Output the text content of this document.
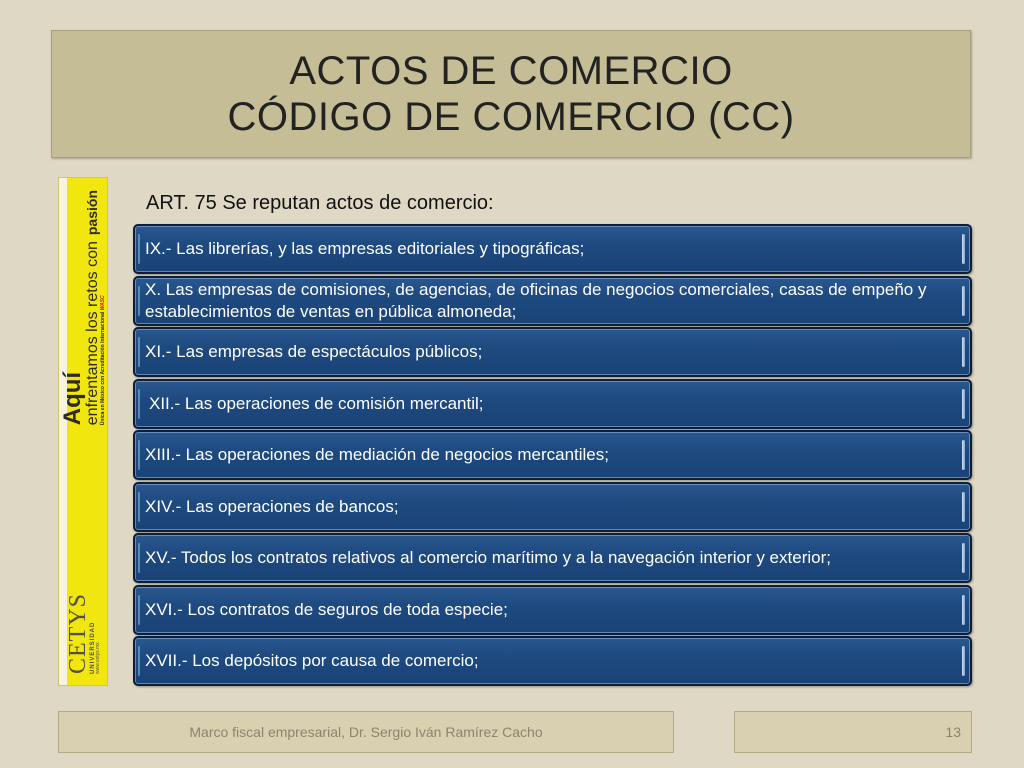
ACTOS DE COMERCIO
CÓDIGO DE COMERCIO (CC)
CETYS UNIVERSIDAD www.cetys.mx
Aquí
enfrentamos los retos con
pasión
Única en México con Acreditación Internacional WASC
ART. 75 Se reputan actos de comercio:
IX.- Las librerías, y las empresas editoriales y tipográficas;
X. Las empresas de comisiones, de agencias, de oficinas de negocios comerciales, casas de empeño y establecimientos de ventas en pública almoneda;
XI.- Las empresas de espectáculos públicos;
XII.- Las operaciones de comisión mercantil;
XIII.- Las operaciones de mediación de negocios mercantiles;
XIV.- Las operaciones de bancos;
XV.- Todos los contratos relativos al comercio marítimo y a la navegación interior y exterior;
XVI.- Los contratos de seguros de toda especie;
XVII.- Los depósitos por causa de comercio;
Marco fiscal empresarial, Dr. Sergio Iván Ramírez Cacho	13
